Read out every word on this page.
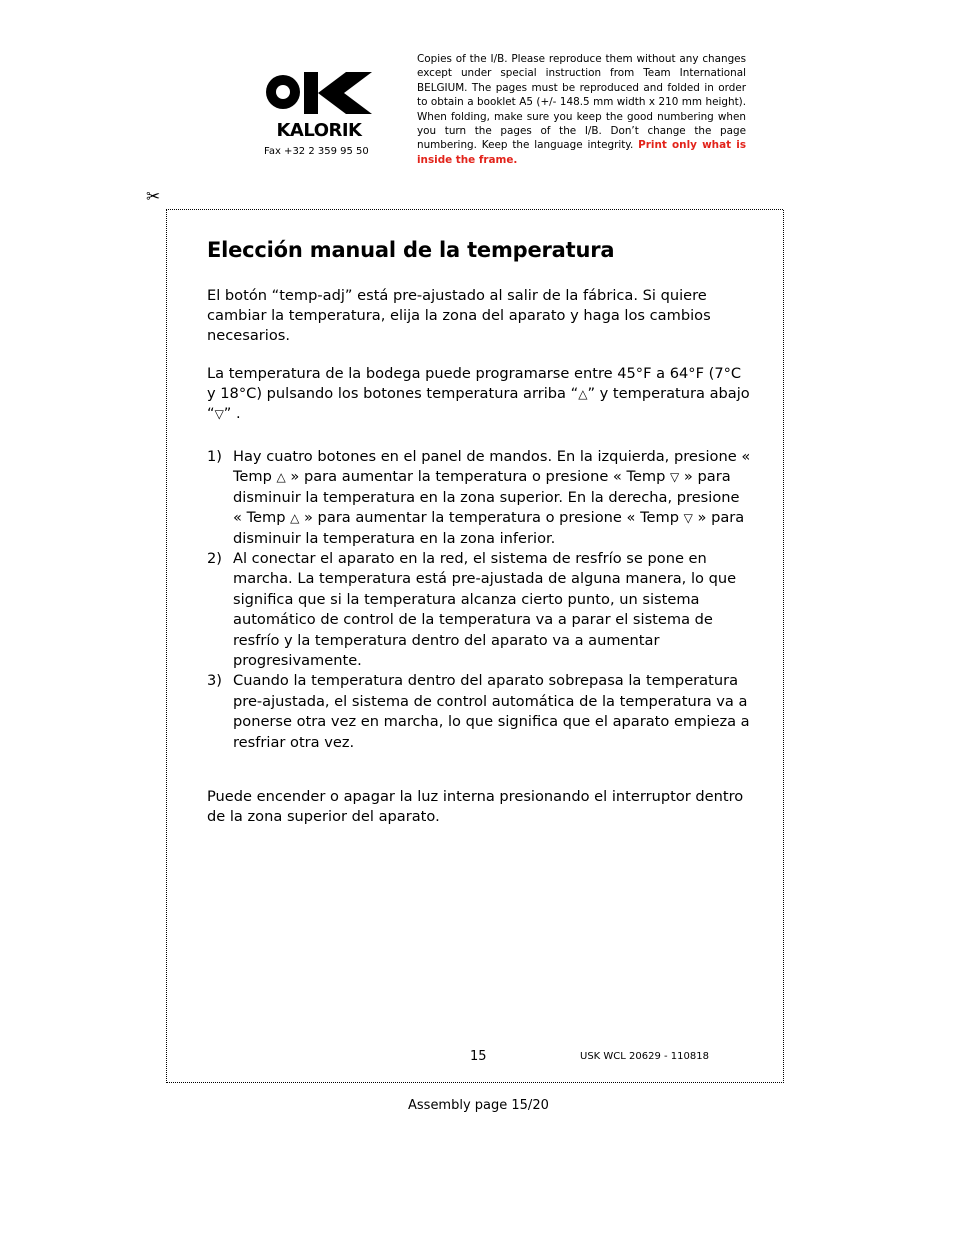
KALORIK
Fax +32 2 359 95 50
Copies of the I/B. Please reproduce them without any changes except under special instruction from Team International BELGIUM. The pages must be reproduced and folded in order to obtain a booklet A5 (+/- 148.5 mm width x 210 mm height). When folding, make sure you keep the good numbering when you turn the pages of the I/B. Don’t change the page numbering. Keep the language integrity. Print only what is inside the frame.
✂
Elección manual de la temperatura

El botón “temp-adj” está pre-ajustado al salir de la fábrica. Si quiere cambiar la temperatura, elija la zona del aparato y haga los cambios necesarios.

La temperatura de la bodega puede programarse entre 45°F a 64°F (7°C y 18°C) pulsando los botones temperatura arriba “△” y temperatura abajo “▽” .

1) Hay cuatro botones en el panel de mandos. En la izquierda, presione « Temp △ » para aumentar la temperatura o presione « Temp ▽ » para disminuir la temperatura en la zona superior. En la derecha, presione « Temp △ » para aumentar la temperatura o presione « Temp ▽ » para disminuir la temperatura en la zona inferior.
2) Al conectar el aparato en la red, el sistema de resfrío se pone en marcha. La temperatura está pre-ajustada de alguna manera, lo que significa que si la temperatura alcanza cierto punto, un sistema automático de control de la temperatura va a parar el sistema de resfrío y la temperatura dentro del aparato va a aumentar progresivamente.
3) Cuando la temperatura dentro del aparato sobrepasa la temperatura pre-ajustada, el sistema de control automática de la temperatura va a ponerse otra vez en marcha, lo que significa que el aparato empieza a resfriar otra vez.

Puede encender o apagar la luz interna presionando el interruptor dentro de la zona superior del aparato.

15	USK WCL 20629 - 110818
Assembly page 15/20
